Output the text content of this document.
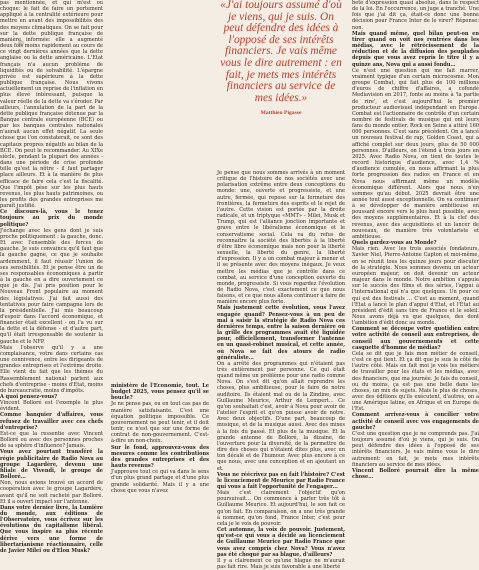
pas mentionnée, et qui m'est ou choque: le fait de faire un portement appliqué à la centralité extérieure pour mettre en avant des impossibilités des des moyens climatiques. On se fait pour sur la dette publique française de manière informée: elle a augmenté deux fois moins rapidement au cours de ce vingt dernières années que la dette anglaise ou la dette américaine. L'Etat français n'a aucun problème de liquidités ou de solvabilité. L'épargne privée est supérieure à la dette publique française. Nous vivons actuellement un reprise de l'inflation en plus élevé intéressant, puisque la valeur réelle de la dette va s'éroder. Par ailleurs, l'annulation de la part de la dette publique française détenue par la Banque centrale européenne (BCE) ou par les banques centrales nationales n'aurait aucun effet négatif. La seule chose que l'on constaterait, ce sont des capitaux propres négatifs au bilan de la BCE. On peut le recommander. Au XIXe siècle, pendant la plupart des années - dans une période de crise profonde telle qu'est la nôtre - il faut partager place ailleurs. Et à la manière de plus efficace de faire cela c'est la fiscalité. Que l'impôt pèse sur les plus hauts revenus, les plus hauts patrimoines, ou les profits des grandes entreprises me paraît justifié.

Ce discours-là, vous le tenez toujours au prix du monde politique?

J'échange avec les gens dont je suis proche politiquement : la gauche, donc. Et avec l'ensemble des forces de gauche. Je suis convaincu qu'il faut que la gauche gagne, ce que je souhaite ardemment, il faut réussir l'union de ses sensibilités. Et je pense être un de ses responsables économiques à partir à la gauche en a dire ouvertement ce que je dis. J'ai pris position pour le Nouveau Front populaire au moment des législatives. J'ai fait aussi des tentatives pour faire campagne lors de la présidentielle. J'ai mis beaucoup d'espoir dans l'accord économique, et financier était excellent - on l'a vu sur la dette et la défense - et d'autre part, qu'il était irresponsable de soutenir la gauche et le NFP.

Mais l'observe qu'il y a une complaisance, votre dans certains cas une connivence, entre les dirigeants de grandes entreprises et l'extrême droite. Elle vient du fait que les thèmes du Rassemblement national parlent aux chefs d'entreprise - moins d'Etat, moins de bureaucratie, moins d'impôts.

A quoi pensez-vous?

Vincent Bolloré est l'exemple le plus évident.

Comme banquier d'affaires, vous refusez de travailler avec ces chefs d'entreprise?

Est-ce que la ressentie avec Vincent Bolloré ou avec des personnes proches de sa sphère d'influence? Jamais.

Vous avez pourtant transféré la régie publicitaire de Radio Nova au groupe Lagardère, devenu une filiale de Vivendi, le groupe de Bolloré…

Non, nous avions trouvé un accord de coopération avec le groupe Lagardère, avant qu'il ne soit racheté par Bolloré. Et il a ouvert impact sur l'antenne.

Dans votre dernier livre, la Lumière du monde, aux éditions de l'Observatoire, vous écrivez sur les évolutions du capitalisme libéral. Que vous inspire sa plus récente dérive vers une forme de libertarianisme réactionnaire, celle de Javier Milei ou d'Elon Musk?

ministère de l'Economie, tout. Le budget 2025, vous pensez qu'il se boucle?

Je ne pense pas, ou en tout cas pas de manière satisfaisante. C'est une équation politique impossible. Ce gouvernement ne peut tenir, et il doit tenir, ce n'est que sur une forme de contrat de non-gouvernement. C'est-à-dire un non-choix.

Sur le fond, approuvez-vous des mesures comme les contributions des grandes entreprises et des hauts revenus?

J'approuve tout ce qui va dans le sens d'un plus grand partage et d'une plus grande solidarité. Mais il y a une chose que vous n'avez

«J'ai toujours assumé d'où je viens, qui je suis. On peut défendre des idées à l'opposé de ses intérêts financiers. Je vais même vous le dire autrement : en fait, je mets mes intérêts financiers au service de mes idées.»

Matthieu Pigasse

Je pense que nous sommes arrivés à un moment critique de l'histoire de nos sociétés avec une polarisation extrême entre deux conceptions du monde: une, ouverte et progressiste, et une autre, fermée, qui repose sur la fermeture des frontières, la fermeture des esprits et le rejet de l'autre. Cette vision est portée par la droite radicale, et un triptyque «MMT» - Milei, Musk et Trump, qui est l'alliance jonction importante et grave entre le libéralisme économique et le conservatisme social. Cela va du refus de reconnaître la société des libertés à la liberté d'être libre économique mais non pour la liberté sexuelle, la liberté du genre, la liberté d'expression. Il y a un combat majeur à mener et il se présente avec des moyens inégaux. Je veux mettre les médias que je contrôle dans ce combat, au service d'une conception ouverte du monde, progressiste. Si vous regardez l'évolution de Radio Nova, c'est exactement ce que nous faisons, et ce que nous allons continuer à faire de manière encore plus forte.

Mais justement cette évolution, vous l'avez engagée quand? Pensez-vous à un peu de mal à saisir la stratégie de Radio Nova ces dernières temps, entre la saison dernière où la grille des programmes avait été liquidée pour, officiellement, transformer l'antenne en un quasi-robinet musical, et cette année, où Nova se fait des atours de radio généraliste…

On a arrêté des programmes qui n'étaient pas très entièrement par personne. Ce qui était quand même un problème pour une radio comme Nova. On s'est dit qu'on allait reprendre les choses, plus ambitieuse, pour le faire de notre auditoire. Ils étaient mal ou de la Zindine, avec Guillaume Meurice, Arthur de Lempert… Ce qu'on souhaitait c'est, avoir à Nova pour avoir de l'atelier l'esprit et qu'on puisse avoir de notre. Avec deux objectifs. D'une part, beaucoup de musique, et de la musique aussi. Avec des mixes à la fois du passé. Et plus de la musique. Et la grande antenne de Bolloré, la dizaine, de l'ouverture pour la diversité, de la permettre de dire des choses qui n'étaient dites plus, avec un ton décalé et de l'humour. Avec plus encore à ce que nous, avec une conception et en ajoutant un et.

Vous ne réécrivez pas en fait l'histoire? C'est le licenciement de Meurice par Radio France qui vous a fait l'opportunité de l'engager…

Mais c'est clairement l'objectif qu'on poursuivait… On commence à parler très tôt à Guillaume Meurice. Et aujourd'hui, le son fait ce qu'on fait. En comparaison, on a une très grande à nommer, qu'on fond, France Inter, c'est pour cela je le vois de pouvoir.

Cet automne, la voix de pouvoir. Justement, qu'est-ce qui vous a décidé au licenciement de Guillaume Meurice par Radio France que vous avez compris chez Nova? Vous n'avez pas été choqué par sa blague, d'ailleurs?

Il y a clairement ce qu'une blague ne m'aurait pas fait rire. Mais je suis favorable à une liberté

beté d'expression quasi absolue, dans le respect de la loi. En l'occurrence, un juge a tranché. Une fois que j'ai dit ça, était-ce donc une bonne décision pour France Inter de le virer? Réponse: non.

Mais quand même, quel bilan peut-on en tirer quand on voit nos rentrées dans les médias, avec le rétrécissement de la réduction et de la diffusion des peuplades depuis que vous avez repris le titre il y a quinze ans, Nova qui a aussi fondu…

Ce n'est une question qui me fait marrer, vraiment typique d'un certain microcosme. Mon groupe Combat, qui fait plus de 100 millions d'euros de chiffre d'affaires, a cofondé Mediavision en 2017, fonte au moins à 'la partie de rire', et c'est aujourd'hui le premier producteur audiovisuel indépendant en Europe. Combat est l'actionnaire de contrôle d'un certain nombre de festivals de musique qui ont leurs fans du monde entier. Rock en Seine a attiré 160 000 personnes. C'est sans précédent. On a lancé un nouveau festival de rap, Golden Coast, qui a affiché complet sur deux jours, plus de 50 000 personnes. D'ailleurs, on l'étend à trois jours en 2025. Avec Radio Nova, on tient de toutes le record historique d'audience, avec 1,4 % d'audience cumulée, en nous affirmant la plus forte progression des radios en France et en Nova nous affirmant même un modèle économique différent. Alors que nous n'en sommes qu'au début. 2025 devrait être une année tout aussi exceptionnelle. On va continuer à se développer de manière ambitieuse en poussant encore vers le plus haut possible, avec des moyens supplémentaires. Et à la clef des revenus, avec des acquisitions et un lancer de nouveaux, de manière très volontariste et ambitieuse.

Quels gardez-vous au Monde?

Mais rien. Avec les trois associés fondateurs, Xavier Niel, Pierre-Antoine Capton et moi-même, on se réunit tous les quinze jours pour discuter de la stratégie. Nous sommes devenu un acteur européen majeur, on doit devenir un acteur majeur dans le monde. Notre ambition s'appuie sur le succès des films et des séries, l'appui à l'international qui n'a que quelques. Un pour ce qui est des festivals … C'est au moment, quand l'Etat a lancé le plan d'appui d'Etat, et l'État au président d'édit sans tire de France et le soleil. Nous avons déjà vu que quelques, des dont l'ambition d'édit donc au monde.

Comment se découpe votre quotidien entre votre activité de conseil aux entreprises, de conseil aux gouvernements et cette casquette d'homme de médias?

Cela se dit que je fais mon métier de conseil, c'est ce qui tient. Et ça dit que je suis le côté de l'autre côté. Mais en fait moi je vois les métiers de travailler pour les états et les médias, avec des financiers, que ma journée. Je fais du conseil, ou du moins, ça est pas une belle dans les choses, un mix de sujets. Mais le plus de choses, avec des éditions qu'ils exécutent, d'autres, on a une Amérique latine, en Afrique et en Europe de l'Est.

Comment arrivez-vous à concilier votre activité de conseil avec vos engagements de gauche?

C'est une question que je ne comprends pas. J'ai toujours assumé d'où je viens, qui je suis. On peut défendre des idées à l'opposé de ses intérêts financiers. Je vais même vous le dire autrement: en fait, je mets mes intérêts financiers au service de mes idées.

Vincent Bolloré pourrait dire la même chose…
